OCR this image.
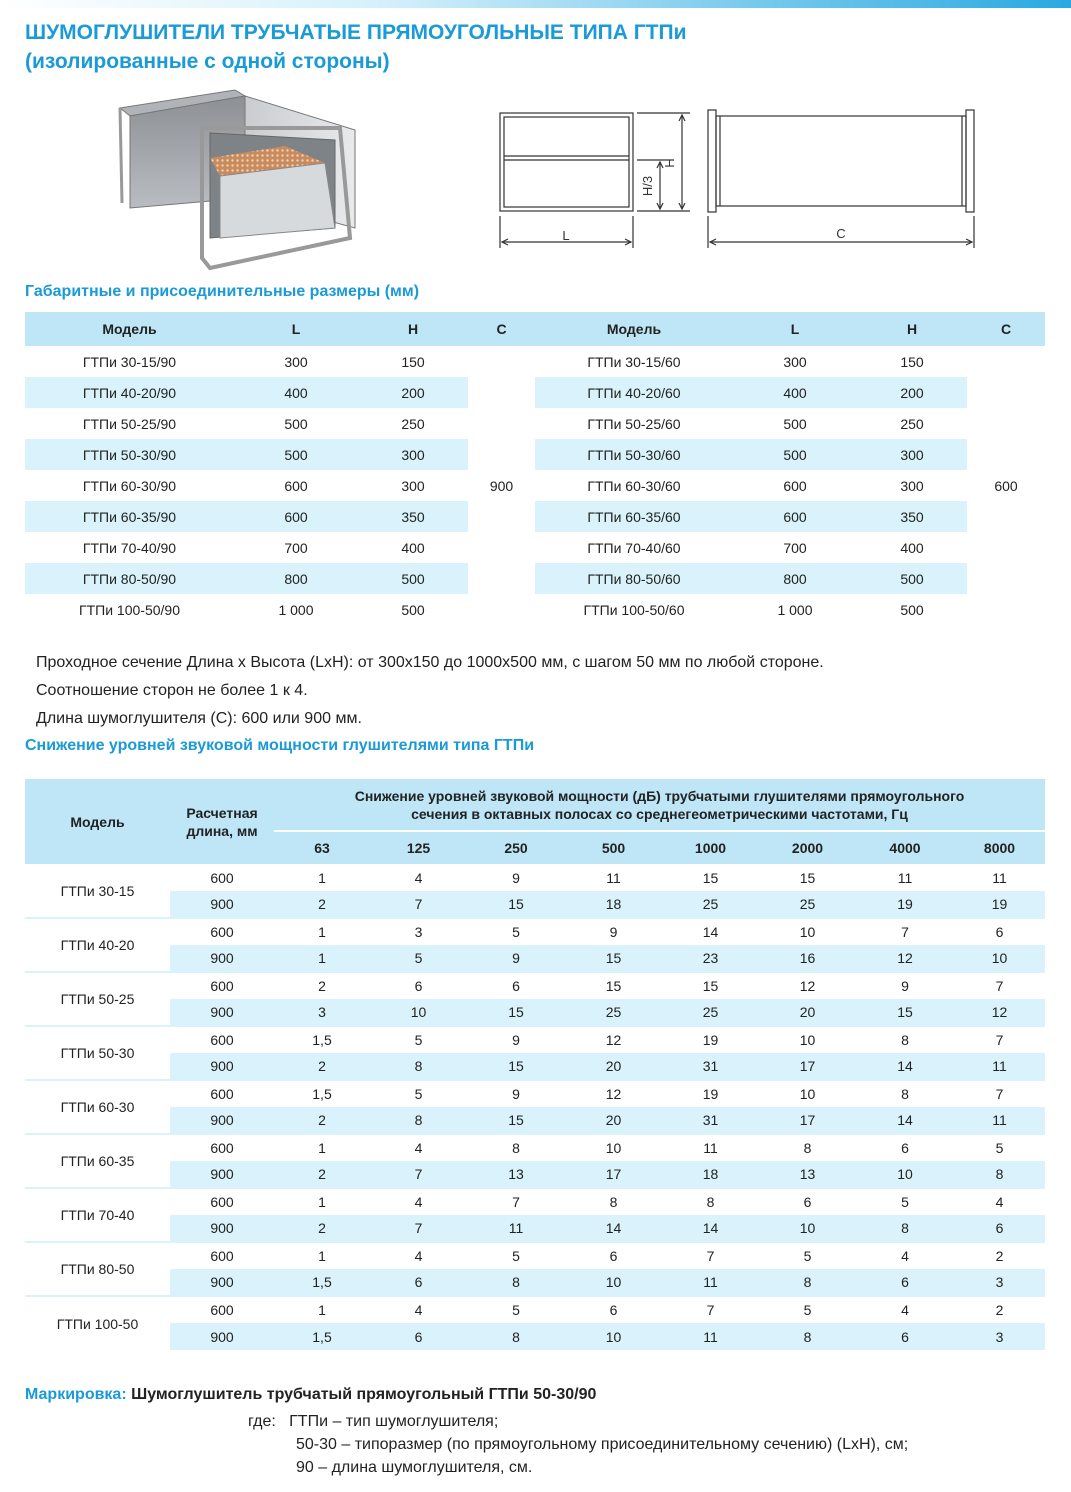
ШУМОГЛУШИТЕЛИ ТРУБЧАТЫЕ ПРЯМОУГОЛЬНЫЕ ТИПА ГТПи
(изолированные с одной стороны)
L
H
H/3
C
Габаритные и присоединительные размеры (мм)
Модель	L	H	C	Модель	L	H	C
ГТПи 30-15/90	300	150	900	ГТПи 30-15/60	300	150	600
ГТПи 40-20/90	400	200		ГТПи 40-20/60	400	200	
ГТПи 50-25/90	500	250		ГТПи 50-25/60	500	250	
ГТПи 50-30/90	500	300		ГТПи 50-30/60	500	300	
ГТПи 60-30/90	600	300		ГТПи 60-30/60	600	300	
ГТПи 60-35/90	600	350		ГТПи 60-35/60	600	350	
ГТПи 70-40/90	700	400		ГТПи 70-40/60	700	400	
ГТПи 80-50/90	800	500		ГТПи 80-50/60	800	500	
ГТПи 100-50/90	1 000	500		ГТПи 100-50/60	1 000	500	
Проходное сечение Длина х Высота (LxH): от 300х150 до 1000х500 мм, с шагом 50 мм по любой стороне.
Соотношение сторон не более 1 к 4.
Длина шумоглушителя (С): 600 или 900 мм.
Снижение уровней звуковой мощности глушителями типа ГТПи
Модель	Расчетная длина, мм	Снижение уровней звуковой мощности (дБ) трубчатыми глушителями прямоугольного
сечения в октавных полосах со среднегеометрическими частотами, Гц							

		63	125	250	500	1000	2000	4000	8000
ГТПи 30-15	600	1	4	9	11	15	15	11	11
	900	2	7	15	18	25	25	19	19
ГТПи 40-20	600	1	3	5	9	14	10	7	6
	900	1	5	9	15	23	16	12	10
ГТПи 50-25	600	2	6	6	15	15	12	9	7
	900	3	10	15	25	25	20	15	12
ГТПи 50-30	600	1,5	5	9	12	19	10	8	7
	900	2	8	15	20	31	17	14	11
ГТПи 60-30	600	1,5	5	9	12	19	10	8	7
	900	2	8	15	20	31	17	14	11
ГТПи 60-35	600	1	4	8	10	11	8	6	5
	900	2	7	13	17	18	13	10	8
ГТПи 70-40	600	1	4	7	8	8	6	5	4
	900	2	7	11	14	14	10	8	6
ГТПи 80-50	600	1	4	5	6	7	5	4	2
	900	1,5	6	8	10	11	8	6	3
ГТПи 100-50	600	1	4	5	6	7	5	4	2
	900	1,5	6	8	10	11	8	6	3
Маркировка: Шумоглушитель трубчатый прямоугольный ГТПи 50-30/90
где: ГТПи – тип шумоглушителя;
50-30 – типоразмер (по прямоугольному присоединительному сечению) (LxH), см;
90 – длина шумоглушителя, см.
